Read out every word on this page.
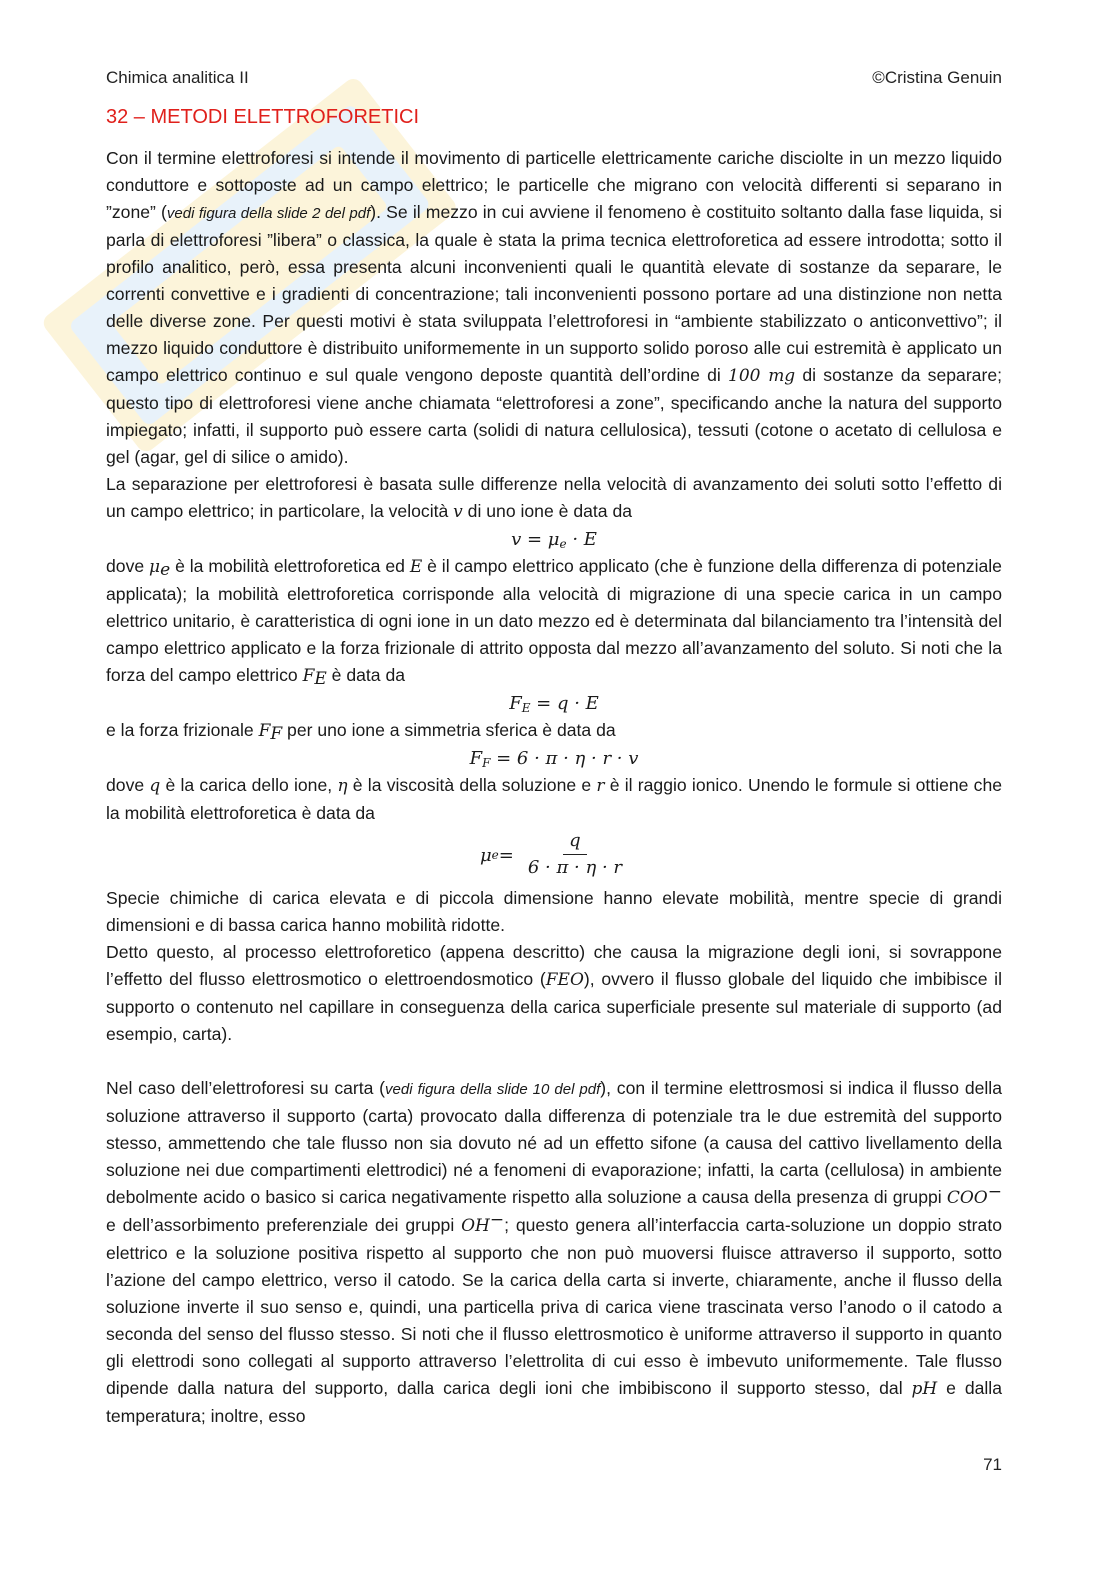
Chimica analitica II	©Cristina Genuin
32 – METODI ELETTROFORETICI

Con il termine elettroforesi si intende il movimento di particelle elettricamente cariche disciolte in un mezzo liquido conduttore e sottoposte ad un campo elettrico; le particelle che migrano con velocità differenti si separano in ”zone” (vedi figura della slide 2 del pdf). Se il mezzo in cui avviene il fenomeno è costituito soltanto dalla fase liquida, si parla di elettroforesi ”libera” o classica, la quale è stata la prima tecnica elettroforetica ad essere introdotta; sotto il profilo analitico, però, essa presenta alcuni inconvenienti quali le quantità elevate di sostanze da separare, le correnti convettive e i gradienti di concentrazione; tali inconvenienti possono portare ad una distinzione non netta delle diverse zone. Per questi motivi è stata sviluppata l’elettroforesi in “ambiente stabilizzato o anticonvettivo”; il mezzo liquido conduttore è distribuito uniformemente in un supporto solido poroso alle cui estremità è applicato un campo elettrico continuo e sul quale vengono deposte quantità dell’ordine di 100 mg di sostanze da separare; questo tipo di elettroforesi viene anche chiamata “elettroforesi a zone”, specificando anche la natura del supporto impiegato; infatti, il supporto può essere carta (solidi di natura cellulosica), tessuti (cotone o acetato di cellulosa e gel (agar, gel di silice o amido).

La separazione per elettroforesi è basata sulle differenze nella velocità di avanzamento dei soluti sotto l’effetto di un campo elettrico; in particolare, la velocità v di uno ione è data da

$v = \mu_e \cdot E$

dove $\mu_e$ è la mobilità elettroforetica ed E è il campo elettrico applicato (che è funzione della differenza di potenziale applicata); la mobilità elettroforetica corrisponde alla velocità di migrazione di una specie carica in un campo elettrico unitario, è caratteristica di ogni ione in un dato mezzo ed è determinata dal bilanciamento tra l’intensità del campo elettrico applicato e la forza frizionale di attrito opposta dal mezzo all’avanzamento del soluto. Si noti che la forza del campo elettrico $F_E$ è data da

$F_E = q \cdot E$

e la forza frizionale $F_F$ per uno ione a simmetria sferica è data da

$F_F = 6 \cdot \pi \cdot \eta \cdot r \cdot v$

dove q è la carica dello ione, η è la viscosità della soluzione e r è il raggio ionico. Unendo le formule si ottiene che la mobilità elettroforetica è data da

μ $e = \frac{q}{6 \cdot \pi \cdot \eta \cdot r}$

Specie chimiche di carica elevata e di piccola dimensione hanno elevate mobilità, mentre specie di grandi dimensioni e di bassa carica hanno mobilità ridotte.

Detto questo, al processo elettroforetico (appena descritto) che causa la migrazione degli ioni, si sovrappone l’effetto del flusso elettrosmotico o elettroendosmotico (FEO), ovvero il flusso globale del liquido che imbibisce il supporto o contenuto nel capillare in conseguenza della carica superficiale presente sul materiale di supporto (ad esempio, carta).

Nel caso dell’elettroforesi su carta (vedi figura della slide 10 del pdf), con il termine elettrosmosi si indica il flusso della soluzione attraverso il supporto (carta) provocato dalla differenza di potenziale tra le due estremità del supporto stesso, ammettendo che tale flusso non sia dovuto né ad un effetto sifone (a causa del cattivo livellamento della soluzione nei due compartimenti elettrodici) né a fenomeni di evaporazione; infatti, la carta (cellulosa) in ambiente debolmente acido o basico si carica negativamente rispetto alla soluzione a causa della presenza di gruppi COO− e dell’assorbimento preferenziale dei gruppi OH−; questo genera all’interfaccia carta-soluzione un doppio strato elettrico e la soluzione positiva rispetto al supporto che non può muoversi fluisce attraverso il supporto, sotto l’azione del campo elettrico, verso il catodo. Se la carica della carta si inverte, chiaramente, anche il flusso della soluzione inverte il suo senso e, quindi, una particella priva di carica viene trascinata verso l’anodo o il catodo a seconda del senso del flusso stesso. Si noti che il flusso elettrosmotico è uniforme attraverso il supporto in quanto gli elettrodi sono collegati al supporto attraverso l’elettrolita di cui esso è imbevuto uniformemente. Tale flusso dipende dalla natura del supporto, dalla carica degli ioni che imbibiscono il supporto stesso, dal pH e dalla temperatura; inoltre, esso

71
